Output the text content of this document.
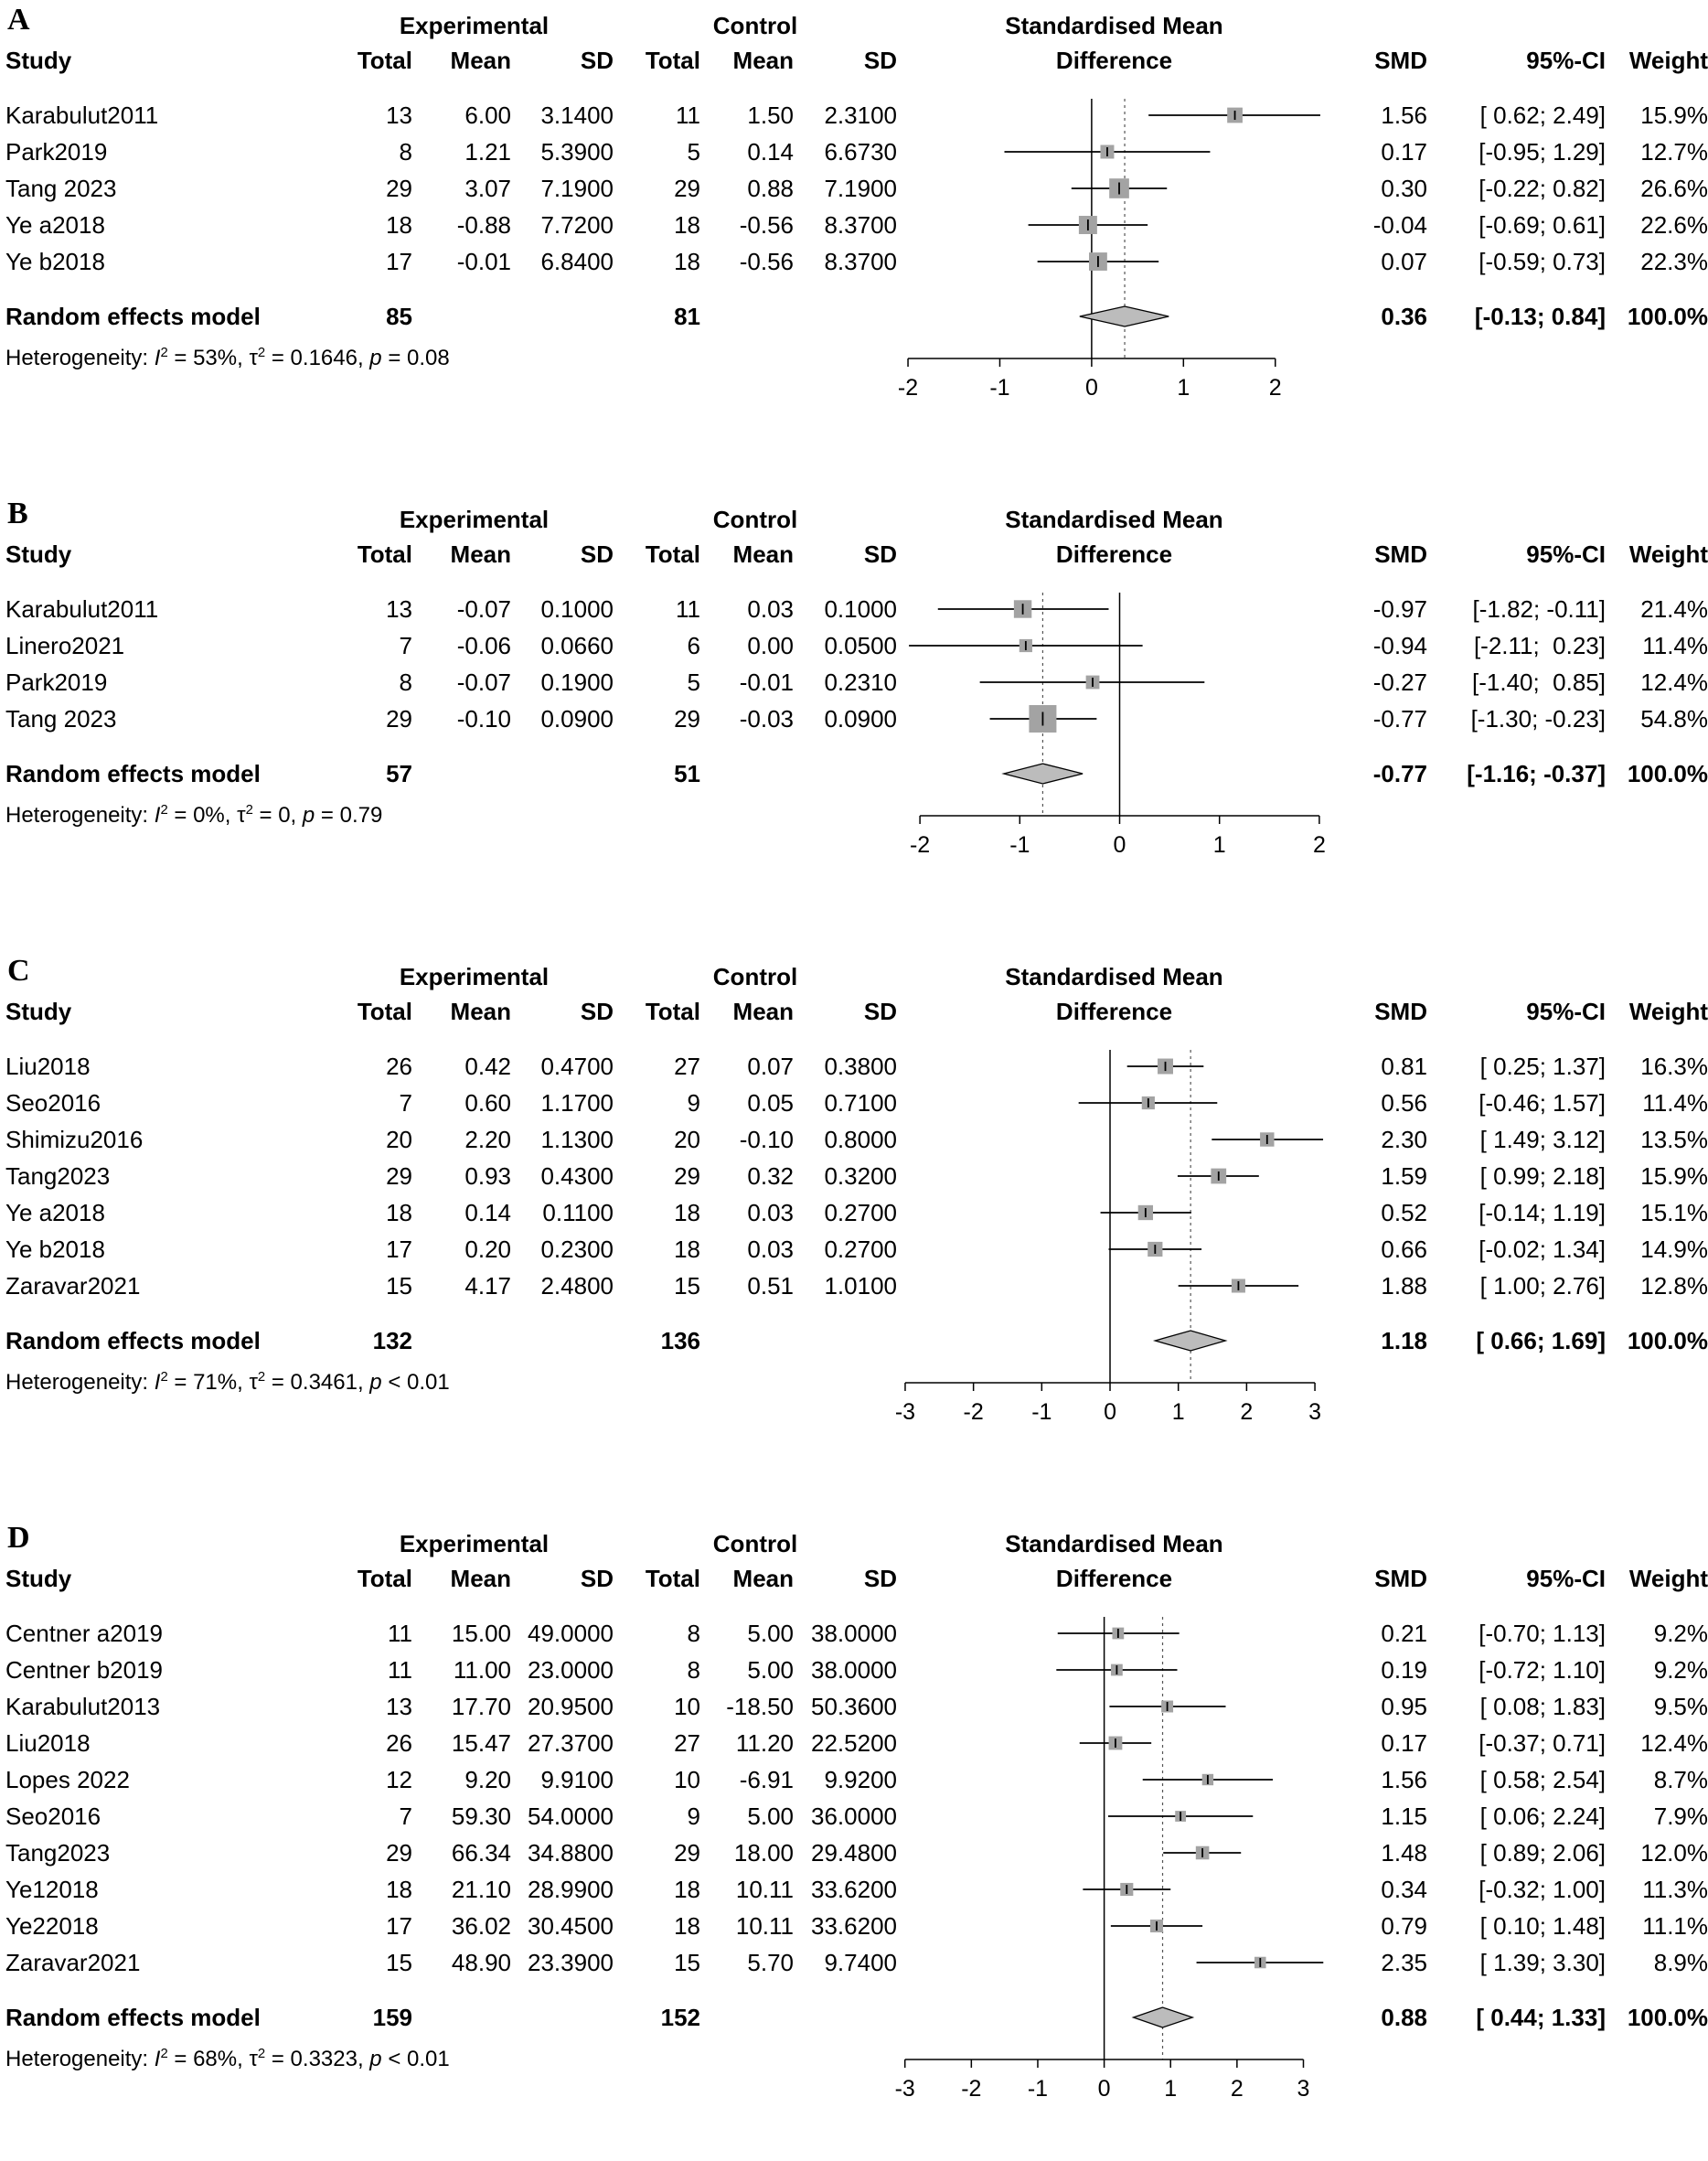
A	Experimental	Control	Standardised Mean
Study	Total	Mean	SD	Total	Mean	SD	Difference	SMD	95%-CI Weight
Karabulut2011	13	6.00	3.1400	11	1.50	2.3100	1.56	[ 0.62; 2.49]	15.9%
Park2019	8	1.21	5.3900	5	0.14	6.6730	0.17	[-0.95; 1.29]	12.7%
Tang 2023	29	3.07	7.1900	29	0.88	7.1900	0.30	[-0.22; 0.82]	26.6%
Ye a2018	18	-0.88	7.7200	18	-0.56	8.3700	-0.04	[-0.69; 0.61]	22.6%
Ye b2018	17	-0.01	6.8400	18	-0.56	8.3700	0.07	[-0.59; 0.73]	22.3%
Random effects model	85	81	0.36	[-0.13; 0.84] 100.0%
Heterogeneity: $I^2 = 53\%$, $\tau^2 = 0.1646$, p = 0.08
-2	-1	0	1	2
B	Experimental	Control	Standardised Mean
Study	Total	Mean	SD	Total	Mean	SD	Difference	SMD	95%-CI Weight
Karabulut2011	13	-0.07	0.1000	11	0.03	0.1000	-0.97	[-1.82; -0.11]	21.4%
Linero2021	7	-0.06	0.0660	6	0.00	0.0500	-0.94	[-2.11;  0.23]	11.4%
Park2019	8	-0.07	0.1900	5	-0.01	0.2310	-0.27	[-1.40;  0.85]	12.4%
Tang 2023	29	-0.10	0.0900	29	-0.03	0.0900	-0.77	[-1.30; -0.23]	54.8%
Random effects model	57	51	-0.77	[-1.16; -0.37] 100.0%
Heterogeneity: $I^2 = 0\%$, $\tau^2 = 0$, p = 0.79
-2	-1	0	1	2
C	Experimental	Control	Standardised Mean
Study	Total	Mean	SD	Total	Mean	SD	Difference	SMD	95%-CI Weight
Liu2018	26	0.42	0.4700	27	0.07	0.3800	0.81	[ 0.25; 1.37]	16.3%
Seo2016	7	0.60	1.1700	9	0.05	0.7100	0.56	[-0.46; 1.57]	11.4%
Shimizu2016	20	2.20	1.1300	20	-0.10	0.8000	2.30	[ 1.49; 3.12]	13.5%
Tang2023	29	0.93	0.4300	29	0.32	0.3200	1.59	[ 0.99; 2.18]	15.9%
Ye a2018	18	0.14	0.1100	18	0.03	0.2700	0.52	[-0.14; 1.19]	15.1%
Ye b2018	17	0.20	0.2300	18	0.03	0.2700	0.66	[-0.02; 1.34]	14.9%
Zaravar2021	15	4.17	2.4800	15	0.51	1.0100	1.88	[ 1.00; 2.76]	12.8%
Random effects model	132	136	1.18	[ 0.66; 1.69] 100.0%
Heterogeneity: $I^2 = 71\%$, $\tau^2 = 0.3461$, p < 0.01
-3 -2 -1 0 1 2 3
D	Experimental	Control	Standardised Mean
Study	Total	Mean	SD	Total	Mean	SD	Difference	SMD	95%-CI Weight
Centner a2019	11	15.00 49.0000	8	5.00 38.0000	0.21	[-0.70; 1.13]	9.2%
Centner b2019	11	11.00 23.0000	8	5.00 38.0000	0.19	[-0.72; 1.10]	9.2%
Karabulut2013	13	17.70 20.9500	10	-18.50 50.3600	0.95	[ 0.08; 1.83]	9.5%
Liu2018	26	15.47 27.3700	27	11.20 22.5200	0.17	[-0.37; 0.71]	12.4%
Lopes 2022	12	9.20	9.9100	10	-6.91	9.9200	1.56	[ 0.58; 2.54]	8.7%
Seo2016	7	59.30 54.0000	9	5.00 36.0000	1.15	[ 0.06; 2.24]	7.9%
Tang2023	29	66.34 34.8800	29	18.00 29.4800	1.48	[ 0.89; 2.06]	12.0%
Ye12018	18	21.10 28.9900	18	10.11 33.6200	0.34	[-0.32; 1.00]	11.3%
Ye22018	17	36.02 30.4500	18	10.11 33.6200	0.79	[ 0.10; 1.48]	11.1%
Zaravar2021	15	48.90 23.3900	15	5.70	9.7400	2.35	[ 1.39; 3.30]	8.9%
Random effects model	159	152	0.88	[ 0.44; 1.33] 100.0%
Heterogeneity: $I^2 = 68\%$, $\tau^2 = 0.3323$, p < 0.01
-3 -2 -1 0 1 2 3
